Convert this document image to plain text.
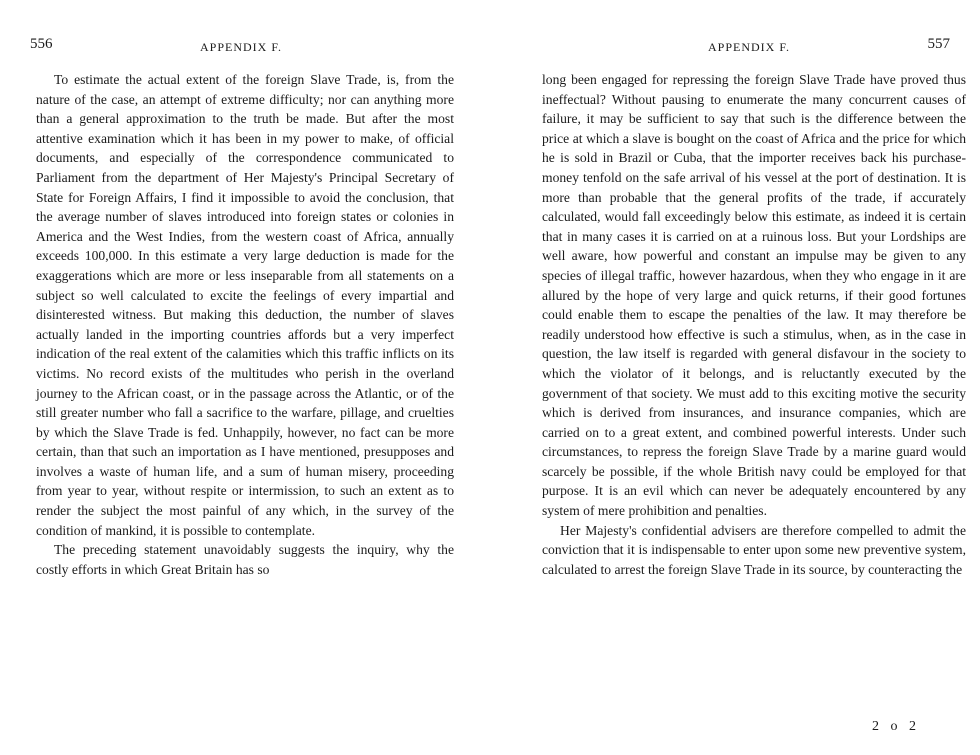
556	APPENDIX F.

To estimate the actual extent of the foreign Slave Trade, is, from the nature of the case, an attempt of extreme difficulty; nor can anything more than a general approximation to the truth be made. But after the most attentive examination which it has been in my power to make, of official documents, and especially of the correspondence communicated to Parliament from the department of Her Majesty's Principal Secretary of State for Foreign Affairs, I find it impossible to avoid the conclusion, that the average number of slaves introduced into foreign states or colonies in America and the West Indies, from the western coast of Africa, annually exceeds 100,000. In this estimate a very large deduction is made for the exaggerations which are more or less inseparable from all statements on a subject so well calculated to excite the feelings of every impartial and disinterested witness. But making this deduction, the number of slaves actually landed in the importing countries affords but a very imperfect indication of the real extent of the calamities which this traffic inflicts on its victims. No record exists of the multitudes who perish in the overland journey to the African coast, or in the passage across the Atlantic, or of the still greater number who fall a sacrifice to the warfare, pillage, and cruelties by which the Slave Trade is fed. Unhappily, however, no fact can be more certain, than that such an importation as I have mentioned, presupposes and involves a waste of human life, and a sum of human misery, proceeding from year to year, without respite or intermission, to such an extent as to render the subject the most painful of any which, in the survey of the condition of mankind, it is possible to contemplate.

The preceding statement unavoidably suggests the inquiry, why the costly efforts in which Great Britain has so

APPENDIX F.	557

long been engaged for repressing the foreign Slave Trade have proved thus ineffectual? Without pausing to enumerate the many concurrent causes of failure, it may be sufficient to say that such is the difference between the price at which a slave is bought on the coast of Africa and the price for which he is sold in Brazil or Cuba, that the importer receives back his purchase-money tenfold on the safe arrival of his vessel at the port of destination. It is more than probable that the general profits of the trade, if accurately calculated, would fall exceedingly below this estimate, as indeed it is certain that in many cases it is carried on at a ruinous loss. But your Lordships are well aware, how powerful and constant an impulse may be given to any species of illegal traffic, however hazardous, when they who engage in it are allured by the hope of very large and quick returns, if their good fortunes could enable them to escape the penalties of the law. It may therefore be readily understood how effective is such a stimulus, when, as in the case in question, the law itself is regarded with general disfavour in the society to which the violator of it belongs, and is reluctantly executed by the government of that society. We must add to this exciting motive the security which is derived from insurances, and insurance companies, which are carried on to a great extent, and combined powerful interests. Under such circumstances, to repress the foreign Slave Trade by a marine guard would scarcely be possible, if the whole British navy could be employed for that purpose. It is an evil which can never be adequately encountered by any system of mere prohibition and penalties.

Her Majesty's confidential advisers are therefore compelled to admit the conviction that it is indispensable to enter upon some new preventive system, calculated to arrest the foreign Slave Trade in its source, by counteracting the

2 o 2
